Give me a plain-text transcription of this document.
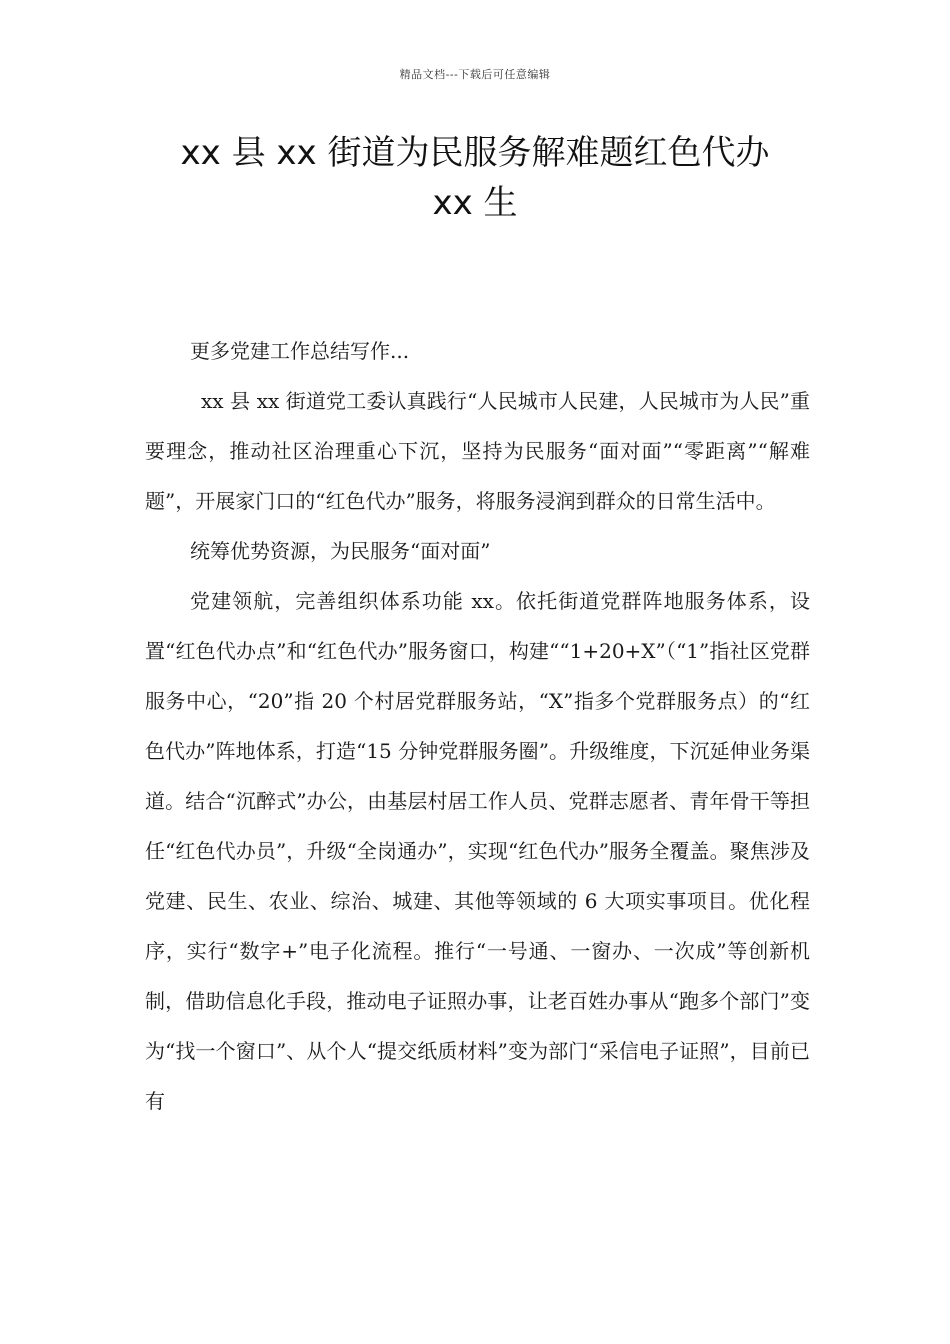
精品文档---下载后可任意编辑
xx 县 xx 街道为民服务解难题红色代办
xx 生

更多党建工作总结写作...

xx 县 xx 街道党工委认真践行“人民城市人民建，人民城市为人民”重要理念，推动社区治理重心下沉，坚持为民服务“面对面”“零距离”“解难题”，开展家门口的“红色代办”服务，将服务浸润到群众的日常生活中。

统筹优势资源，为民服务“面对面”

党建领航，完善组织体系功能 xx。依托街道党群阵地服务体系，设置“红色代办点”和“红色代办”服务窗口，构建““1+20+X”（“1”指社区党群服务中心，“20”指 20 个村居党群服务站，“X”指多个党群服务点）的“红色代办”阵地体系，打造“15 分钟党群服务圈”。升级维度，下沉延伸业务渠道。结合“沉醉式”办公，由基层村居工作人员、党群志愿者、青年骨干等担任“红色代办员”，升级“全岗通办”，实现“红色代办”服务全覆盖。聚焦涉及党建、民生、农业、综治、城建、其他等领域的 6 大项实事项目。优化程序，实行“数字+”电子化流程。推行“一号通、一窗办、一次成”等创新机制，借助信息化手段，推动电子证照办事，让老百姓办事从“跑多个部门”变为“找一个窗口”、从个人“提交纸质材料”变为部门“采信电子证照”，目前已有
